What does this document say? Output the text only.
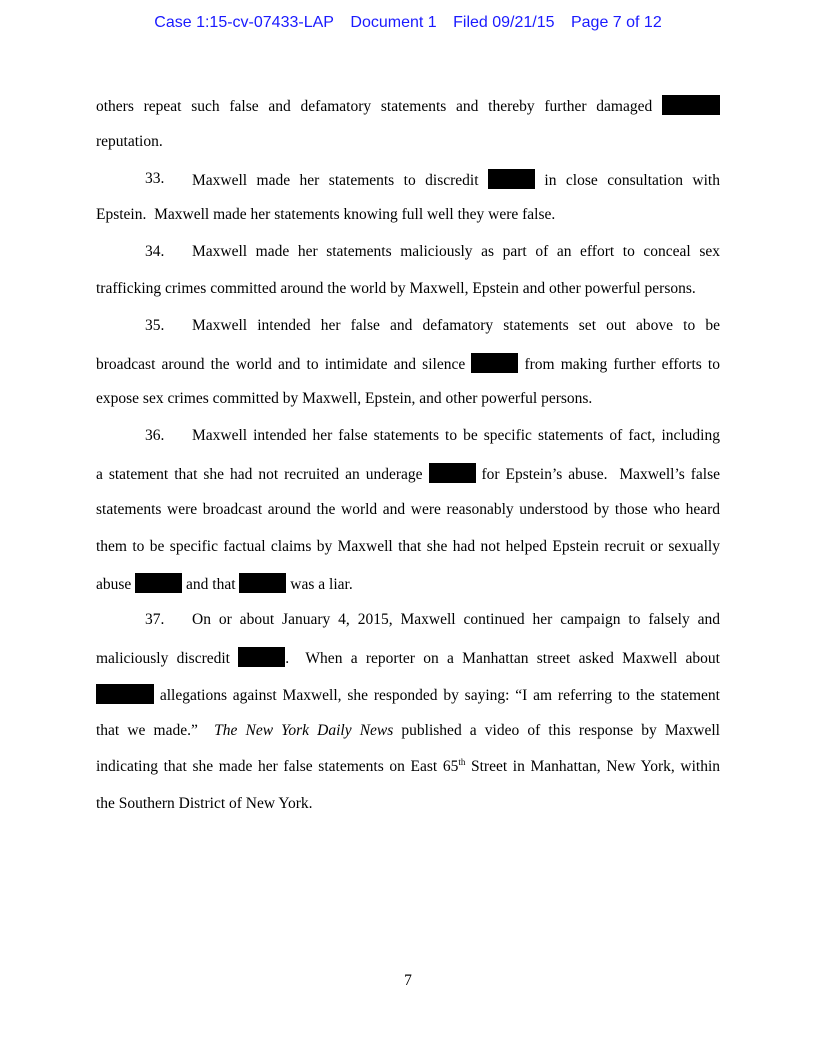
Case 1:15-cv-07433-LAP Document 1 Filed 09/21/15 Page 7 of 12
others repeat such false and defamatory statements and thereby further damaged
reputation.
33. Maxwell made her statements to discredit	in close consultation with
Epstein.  Maxwell made her statements knowing full well they were false.
34. Maxwell made her statements maliciously as part of an effort to conceal sex
trafficking crimes committed around the world by Maxwell, Epstein and other powerful persons.
35. Maxwell intended her false and defamatory statements set out above to be
broadcast around the world and to intimidate and silence	from making further efforts to
expose sex crimes committed by Maxwell, Epstein, and other powerful persons.
36. Maxwell intended her false statements to be specific statements of fact, including
a statement that she had not recruited an underage	for Epstein’s abuse.  Maxwell’s false
statements were broadcast around the world and were reasonably understood by those who heard
them to be specific factual claims by Maxwell that she had not helped Epstein recruit or sexually
abuse	and that	was a liar.
37. On or about January 4, 2015, Maxwell continued her campaign to falsely and
maliciously discredit	.  When a reporter on a Manhattan street asked Maxwell about
allegations against Maxwell, she responded by saying: “I am referring to the statement
that we made.”  The New York Daily News published a video of this response by Maxwell
indicating that she made her false statements on East 65th Street in Manhattan, New York, within
the Southern District of New York.
7
